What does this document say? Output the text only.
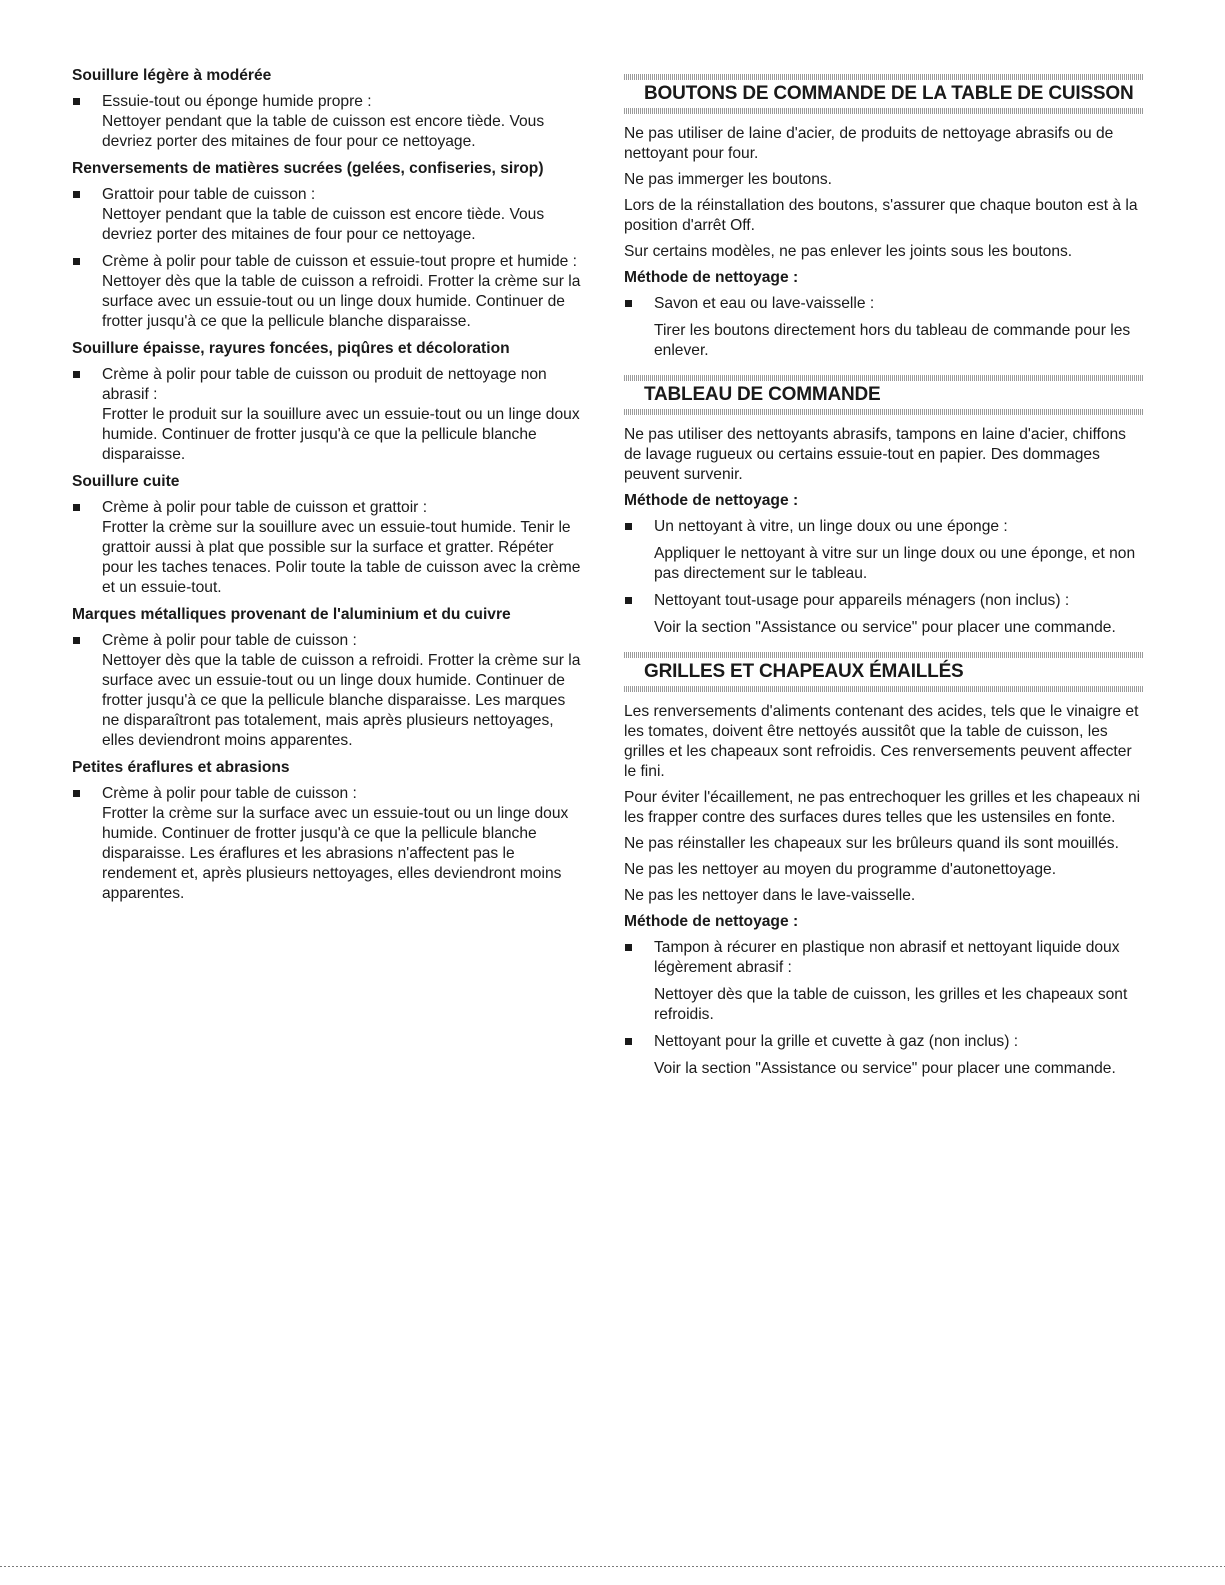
Souillure légère à modérée

Essuie-tout ou éponge humide propre :

Nettoyer pendant que la table de cuisson est encore tiède. Vous devriez porter des mitaines de four pour ce nettoyage.

Renversements de matières sucrées (gelées, confiseries, sirop)

Grattoir pour table de cuisson :

Nettoyer pendant que la table de cuisson est encore tiède. Vous devriez porter des mitaines de four pour ce nettoyage.

Crème à polir pour table de cuisson et essuie-tout propre et humide :

Nettoyer dès que la table de cuisson a refroidi. Frotter la crème sur la surface avec un essuie-tout ou un linge doux humide. Continuer de frotter jusqu'à ce que la pellicule blanche disparaisse.

Souillure épaisse, rayures foncées, piqûres et décoloration

Crème à polir pour table de cuisson ou produit de nettoyage non abrasif :

Frotter le produit sur la souillure avec un essuie-tout ou un linge doux humide. Continuer de frotter jusqu'à ce que la pellicule blanche disparaisse.

Souillure cuite

Crème à polir pour table de cuisson et grattoir :

Frotter la crème sur la souillure avec un essuie-tout humide. Tenir le grattoir aussi à plat que possible sur la surface et gratter. Répéter pour les taches tenaces. Polir toute la table de cuisson avec la crème et un essuie-tout.

Marques métalliques provenant de l'aluminium et du cuivre

Crème à polir pour table de cuisson :

Nettoyer dès que la table de cuisson a refroidi. Frotter la crème sur la surface avec un essuie-tout ou un linge doux humide. Continuer de frotter jusqu'à ce que la pellicule blanche disparaisse. Les marques ne disparaîtront pas totalement, mais après plusieurs nettoyages, elles deviendront moins apparentes.

Petites éraflures et abrasions

Crème à polir pour table de cuisson :

Frotter la crème sur la surface avec un essuie-tout ou un linge doux humide. Continuer de frotter jusqu'à ce que la pellicule blanche disparaisse. Les éraflures et les abrasions n'affectent pas le rendement et, après plusieurs nettoyages, elles deviendront moins apparentes.

BOUTONS DE COMMANDE DE LA TABLE DE CUISSON

Ne pas utiliser de laine d'acier, de produits de nettoyage abrasifs ou de nettoyant pour four.

Ne pas immerger les boutons.

Lors de la réinstallation des boutons, s'assurer que chaque bouton est à la position d'arrêt Off.

Sur certains modèles, ne pas enlever les joints sous les boutons.

Méthode de nettoyage :

Savon et eau ou lave-vaisselle :

Tirer les boutons directement hors du tableau de commande pour les enlever.

TABLEAU DE COMMANDE

Ne pas utiliser des nettoyants abrasifs, tampons en laine d'acier, chiffons de lavage rugueux ou certains essuie-tout en papier. Des dommages peuvent survenir.

Méthode de nettoyage :

Un nettoyant à vitre, un linge doux ou une éponge :

Appliquer le nettoyant à vitre sur un linge doux ou une éponge, et non pas directement sur le tableau.

Nettoyant tout-usage pour appareils ménagers (non inclus) :

Voir la section "Assistance ou service" pour placer une commande.

GRILLES ET CHAPEAUX ÉMAILLÉS

Les renversements d'aliments contenant des acides, tels que le vinaigre et les tomates, doivent être nettoyés aussitôt que la table de cuisson, les grilles et les chapeaux sont refroidis. Ces renversements peuvent affecter le fini.

Pour éviter l'écaillement, ne pas entrechoquer les grilles et les chapeaux ni les frapper contre des surfaces dures telles que les ustensiles en fonte.

Ne pas réinstaller les chapeaux sur les brûleurs quand ils sont mouillés.

Ne pas les nettoyer au moyen du programme d'autonettoyage.

Ne pas les nettoyer dans le lave-vaisselle.

Méthode de nettoyage :

Tampon à récurer en plastique non abrasif et nettoyant liquide doux légèrement abrasif :

Nettoyer dès que la table de cuisson, les grilles et les chapeaux sont refroidis.

Nettoyant pour la grille et cuvette à gaz (non inclus) :

Voir la section "Assistance ou service" pour placer une commande.
